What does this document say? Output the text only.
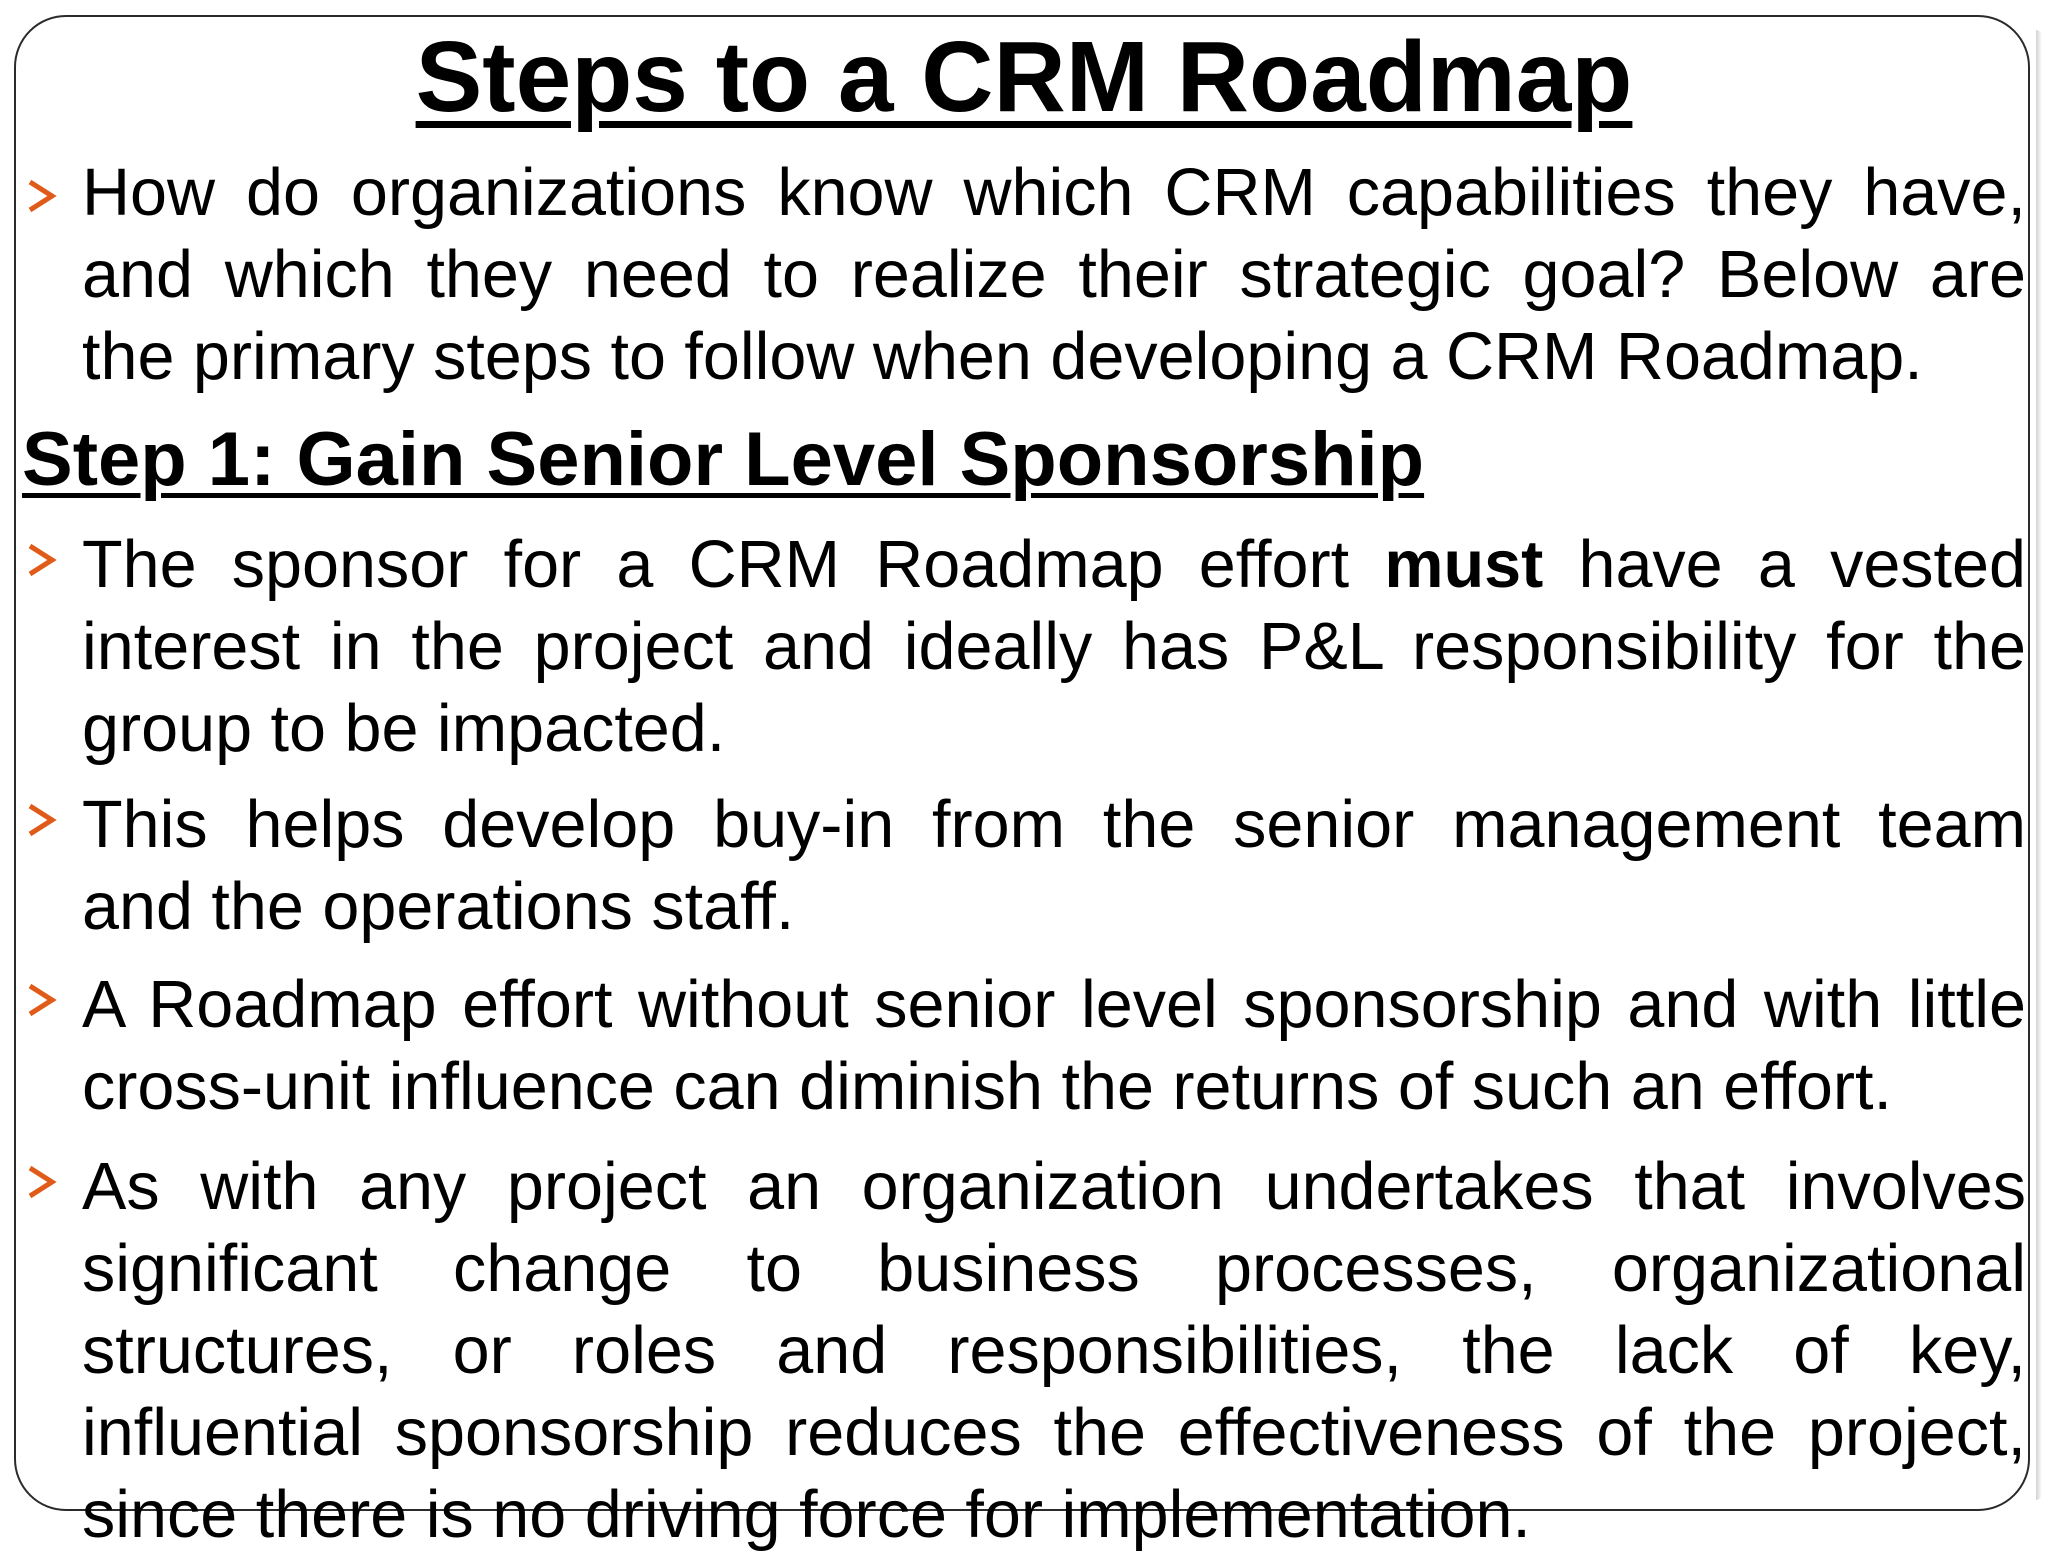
Steps to a CRM Roadmap
How do organizations know which CRM capabilities they have,
and which they need to realize their strategic goal? Below are
the primary steps to follow when developing a CRM Roadmap.
Step 1: Gain Senior Level Sponsorship
The sponsor for a CRM Roadmap effort must have a vested
interest in the project and ideally has P&L responsibility for the
group to be impacted.
This helps develop buy-in from the senior management team
and the operations staff.
A Roadmap effort without senior level sponsorship and with little
cross-unit influence can diminish the returns of such an effort.
As with any project an organization undertakes that involves
significant change to business processes, organizational
structures, or roles and responsibilities, the lack of key,
influential sponsorship reduces the effectiveness of the project,
since there is no driving force for implementation.
